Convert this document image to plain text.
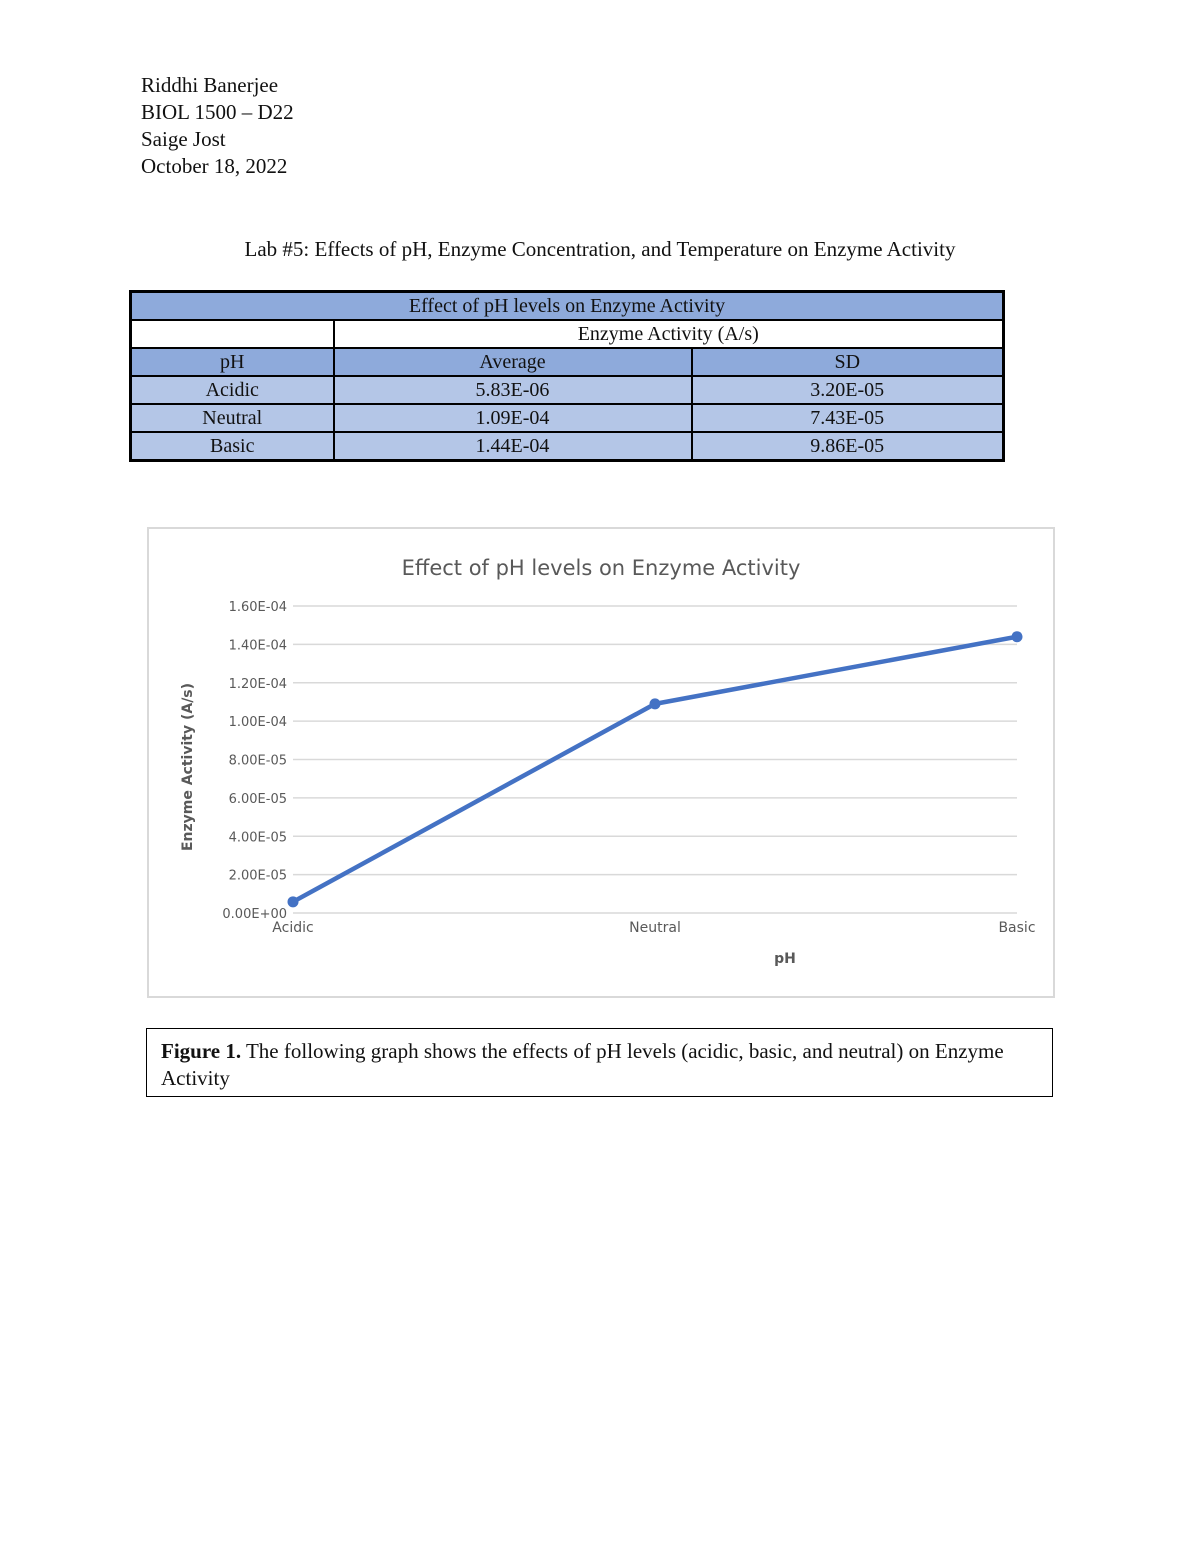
Riddhi Banerjee
BIOL 1500 – D22
Saige Jost
October 18, 2022
Lab #5: Effects of pH, Enzyme Concentration, and Temperature on Enzyme Activity
Effect of pH levels on Enzyme Activity		
	Enzyme Activity (A/s)	
pH	Average	SD
Acidic	5.83E-06	3.20E-05
Neutral	1.09E-04	7.43E-05
Basic	1.44E-04	9.86E-05
Effect of pH levels on Enzyme Activity
0.00E+00
2.00E-05
4.00E-05
6.00E-05
8.00E-05
1.00E-04
1.20E-04
1.40E-04
1.60E-04
Acidic	Neutral	Basic
pH
Enzyme Activity (A/s)
Figure 1. The following graph shows the effects of pH levels (acidic, basic, and neutral) on Enzyme Activity
